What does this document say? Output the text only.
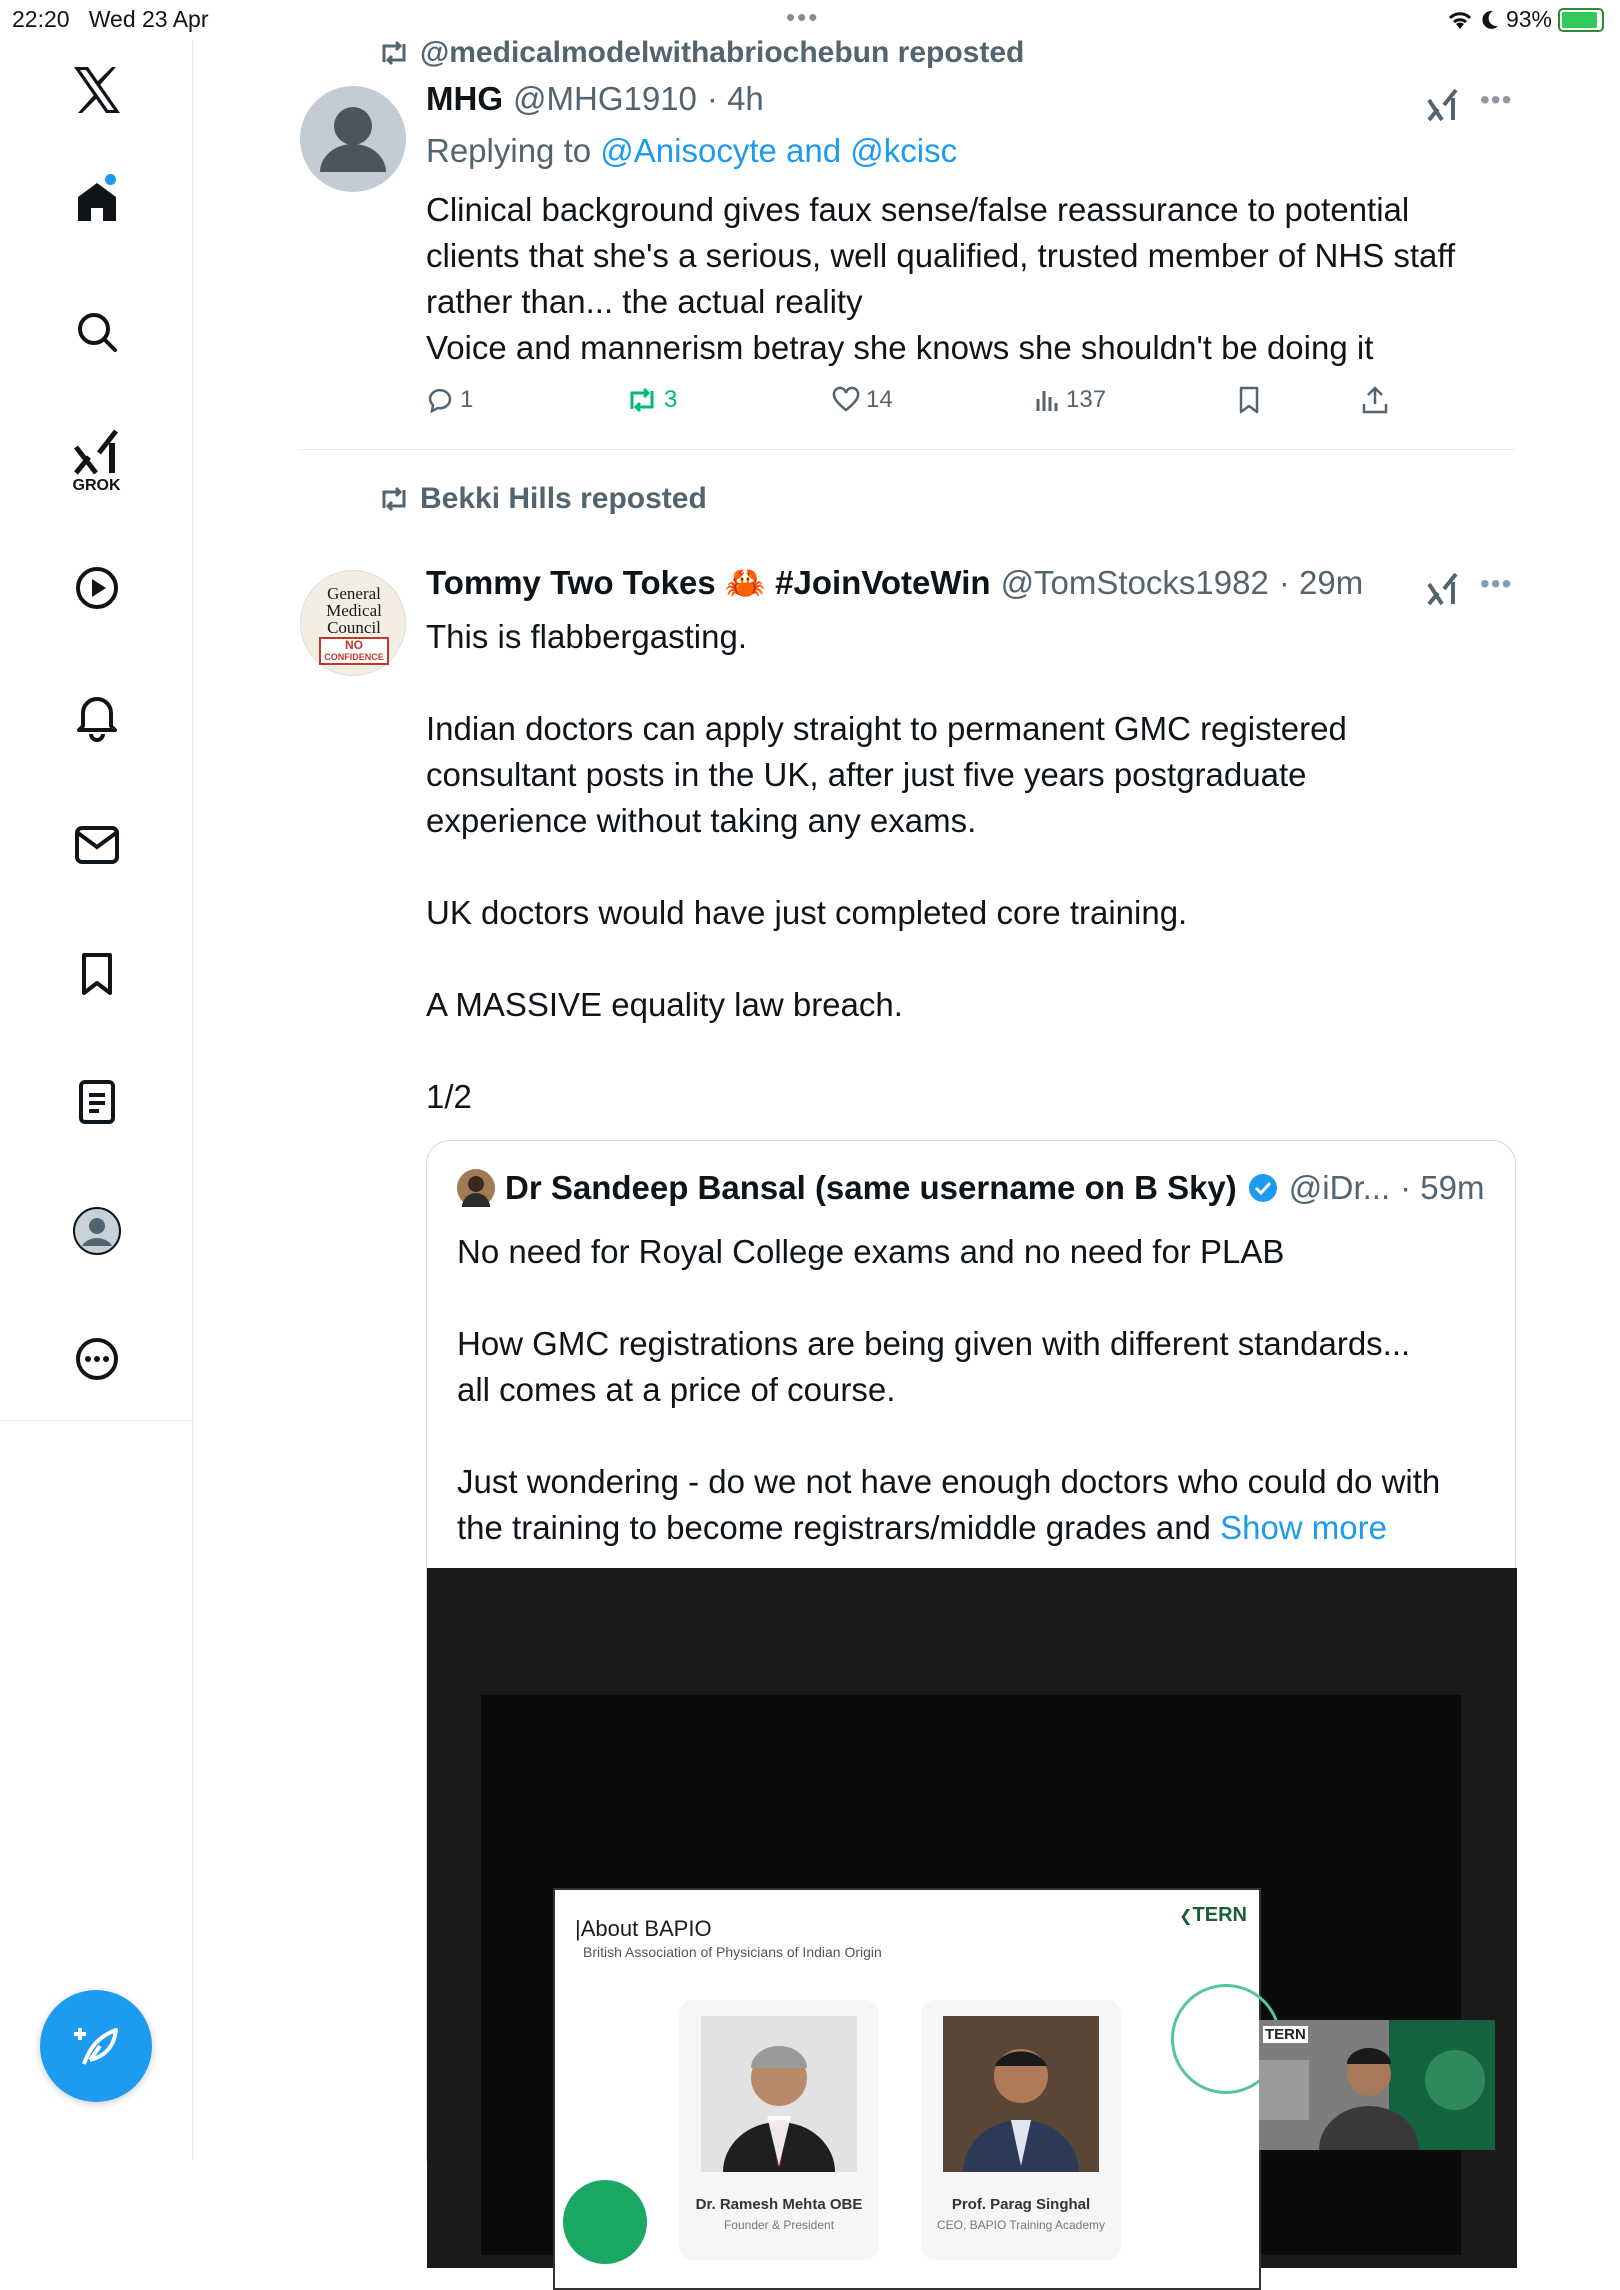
22:20 Wed 23 Apr	•••	93%
GROK
@medicalmodelwithabriochebun reposted
MHG @MHG1910 · 4h	•••
Replying to @Anisocyte and @kcisc

Clinical background gives faux sense/false reassurance to potential

clients that she's a serious, well qualified, trusted member of NHS staff

rather than... the actual reality

Voice and mannerism betray she knows she shouldn't be doing it

1	3	14	137
Bekki Hills reposted
General
Medical
Council
NO
CONFIDENCE
Tommy Two Tokes 🦀 #JoinVoteWin @TomStocks1982 · 29m	•••

This is flabbergasting.

Indian doctors can apply straight to permanent GMC registered

consultant posts in the UK, after just five years postgraduate

experience without taking any exams.

UK doctors would have just completed core training.

A MASSIVE equality law breach.

1/2

Dr Sandeep Bansal (same username on B Sky) @iDr... · 59m

No need for Royal College exams and no need for PLAB

How GMC registrations are being given with different standards...

all comes at a price of course.

Just wondering - do we not have enough doctors who could do with

the training to become registrars/middle grades and Show more

|About BAPIO
British Association of Physicians of Indian Origin
❮TERN
Dr. Ramesh Mehta OBE
Founder & President
Prof. Parag Singhal
CEO, BAPIO Training Academy
TERN
